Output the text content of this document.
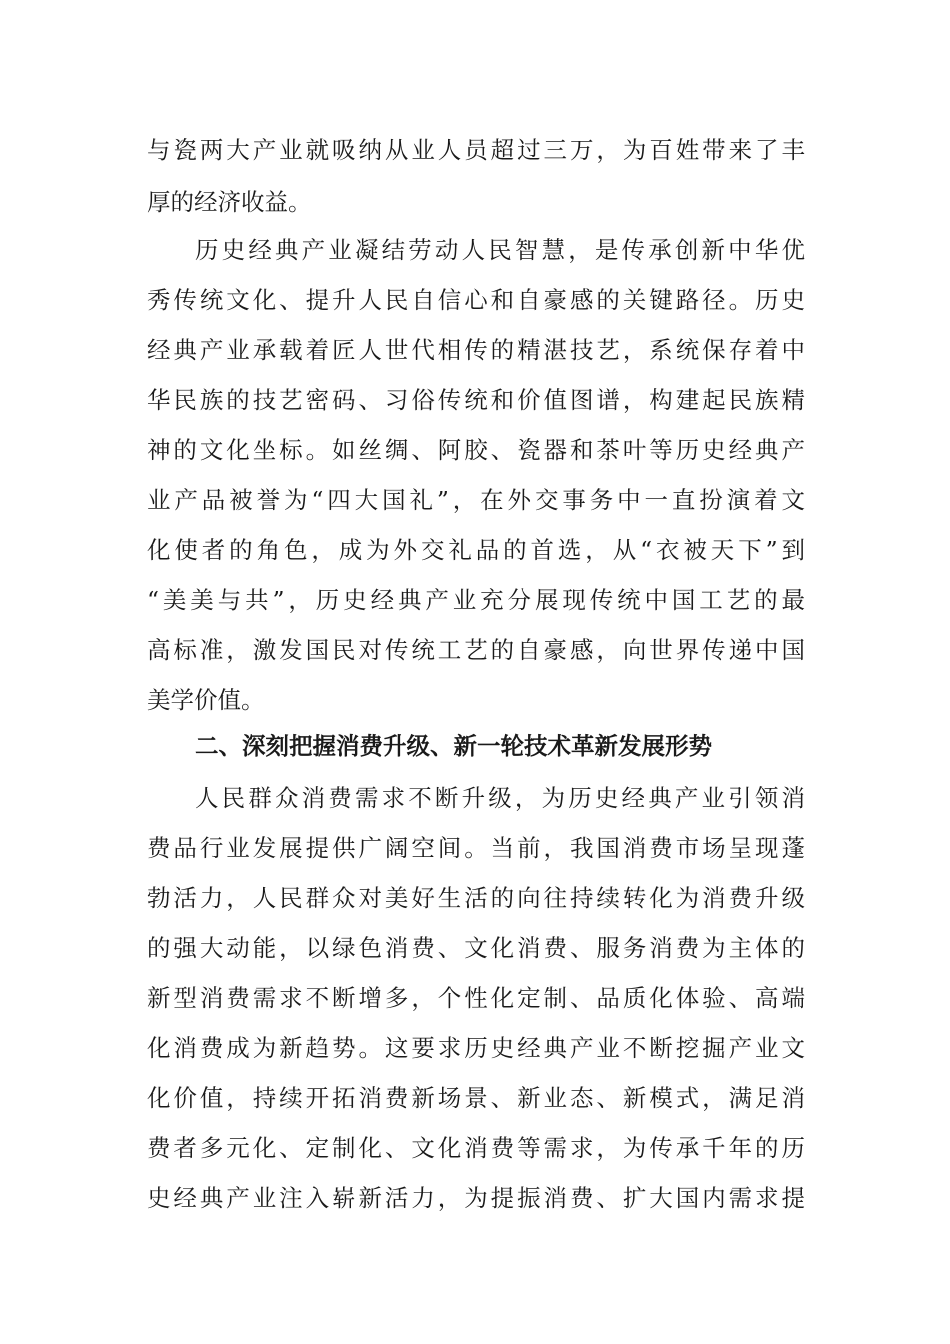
与瓷两大产业就吸纳从业人员超过三万，为百姓带来了丰
厚的经济收益。
历史经典产业凝结劳动人民智慧，是传承创新中华优
秀传统文化、提升人民自信心和自豪感的关键路径。历史
经典产业承载着匠人世代相传的精湛技艺，系统保存着中
华民族的技艺密码、习俗传统和价值图谱，构建起民族精
神的文化坐标。如丝绸、阿胶、瓷器和茶叶等历史经典产
业产品被誉为“四大国礼”，在外交事务中一直扮演着文
化使者的角色，成为外交礼品的首选，从“衣被天下”到
“美美与共”，历史经典产业充分展现传统中国工艺的最
高标准，激发国民对传统工艺的自豪感，向世界传递中国
美学价值。
二、深刻把握消费升级、新一轮技术革新发展形势
人民群众消费需求不断升级，为历史经典产业引领消
费品行业发展提供广阔空间。当前，我国消费市场呈现蓬
勃活力，人民群众对美好生活的向往持续转化为消费升级
的强大动能，以绿色消费、文化消费、服务消费为主体的
新型消费需求不断增多，个性化定制、品质化体验、高端
化消费成为新趋势。这要求历史经典产业不断挖掘产业文
化价值，持续开拓消费新场景、新业态、新模式，满足消
费者多元化、定制化、文化消费等需求，为传承千年的历
史经典产业注入崭新活力，为提振消费、扩大国内需求提
